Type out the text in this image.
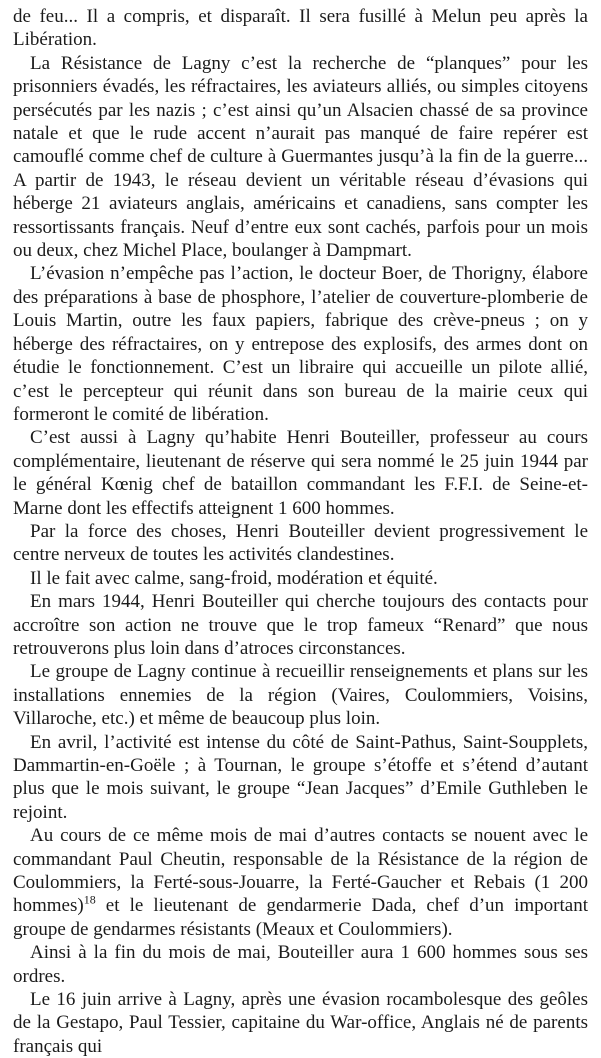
de feu... Il a compris, et disparaît. Il sera fusillé à Melun peu après la Libération.

La Résistance de Lagny c’est la recherche de “planques” pour les prisonniers évadés, les réfractaires, les aviateurs alliés, ou simples citoyens persécutés par les nazis ; c’est ainsi qu’un Alsacien chassé de sa province natale et que le rude accent n’aurait pas manqué de faire repérer est camouflé comme chef de culture à Guermantes jusqu’à la fin de la guerre... A partir de 1943, le réseau devient un véritable réseau d’évasions qui héberge 21 aviateurs anglais, américains et canadiens, sans compter les ressortissants français. Neuf d’entre eux sont cachés, parfois pour un mois ou deux, chez Michel Place, boulanger à Dampmart.

L’évasion n’empêche pas l’action, le docteur Boer, de Thorigny, élabore des préparations à base de phosphore, l’atelier de couverture-plomberie de Louis Martin, outre les faux papiers, fabrique des crève-pneus ; on y héberge des réfractaires, on y entrepose des explosifs, des armes dont on étudie le fonctionnement. C’est un libraire qui accueille un pilote allié, c’est le percepteur qui réunit dans son bureau de la mairie ceux qui formeront le comité de libération.

C’est aussi à Lagny qu’habite Henri Bouteiller, professeur au cours complémentaire, lieutenant de réserve qui sera nommé le 25 juin 1944 par le général Kœnig chef de bataillon commandant les F.F.I. de Seine-et-Marne dont les effectifs atteignent 1 600 hommes.

Par la force des choses, Henri Bouteiller devient progressivement le centre nerveux de toutes les activités clandestines.

Il le fait avec calme, sang-froid, modération et équité.

En mars 1944, Henri Bouteiller qui cherche toujours des contacts pour accroître son action ne trouve que le trop fameux “Renard” que nous retrouverons plus loin dans d’atroces circonstances.

Le groupe de Lagny continue à recueillir renseignements et plans sur les installations ennemies de la région (Vaires, Coulommiers, Voisins, Villaroche, etc.) et même de beaucoup plus loin.

En avril, l’activité est intense du côté de Saint-Pathus, Saint-Soupplets, Dammartin-en-Goële ; à Tournan, le groupe s’étoffe et s’étend d’autant plus que le mois suivant, le groupe “Jean Jacques” d’Emile Guthleben le rejoint.

Au cours de ce même mois de mai d’autres contacts se nouent avec le commandant Paul Cheutin, responsable de la Résistance de la région de Coulommiers, la Ferté-sous-Jouarre, la Ferté-Gaucher et Rebais (1 200 hommes)$^{18}$ et le lieutenant de gendarmerie Dada, chef d’un important groupe de gendarmes résistants (Meaux et Coulommiers).

Ainsi à la fin du mois de mai, Bouteiller aura 1 600 hommes sous ses ordres.

Le 16 juin arrive à Lagny, après une évasion rocambolesque des geôles de la Gestapo, Paul Tessier, capitaine du War-office, Anglais né de parents français qui
